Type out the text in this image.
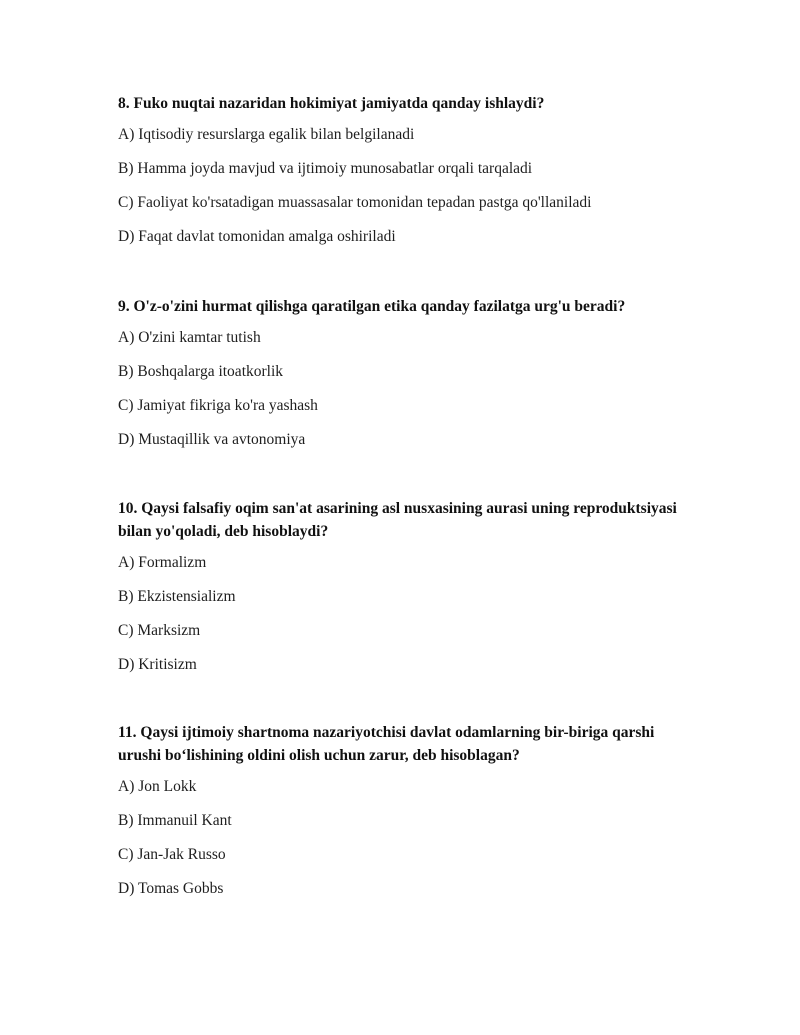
8. Fuko nuqtai nazaridan hokimiyat jamiyatda qanday ishlaydi?

A) Iqtisodiy resurslarga egalik bilan belgilanadi

B) Hamma joyda mavjud va ijtimoiy munosabatlar orqali tarqaladi

C) Faoliyat ko'rsatadigan muassasalar tomonidan tepadan pastga qo'llaniladi

D) Faqat davlat tomonidan amalga oshiriladi

9. O'z-o'zini hurmat qilishga qaratilgan etika qanday fazilatga urg'u beradi?

A) O'zini kamtar tutish

B) Boshqalarga itoatkorlik

C) Jamiyat fikriga ko'ra yashash

D) Mustaqillik va avtonomiya

10. Qaysi falsafiy oqim san'at asarining asl nusxasining aurasi uning reproduktsiyasi bilan yo'qoladi, deb hisoblaydi?

A) Formalizm

B) Ekzistensializm

C) Marksizm

D) Kritisizm

11. Qaysi ijtimoiy shartnoma nazariyotchisi davlat odamlarning bir-biriga qarshi urushi boʻlishining oldini olish uchun zarur, deb hisoblagan?

A) Jon Lokk

B) Immanuil Kant

C) Jan-Jak Russo

D) Tomas Gobbs
